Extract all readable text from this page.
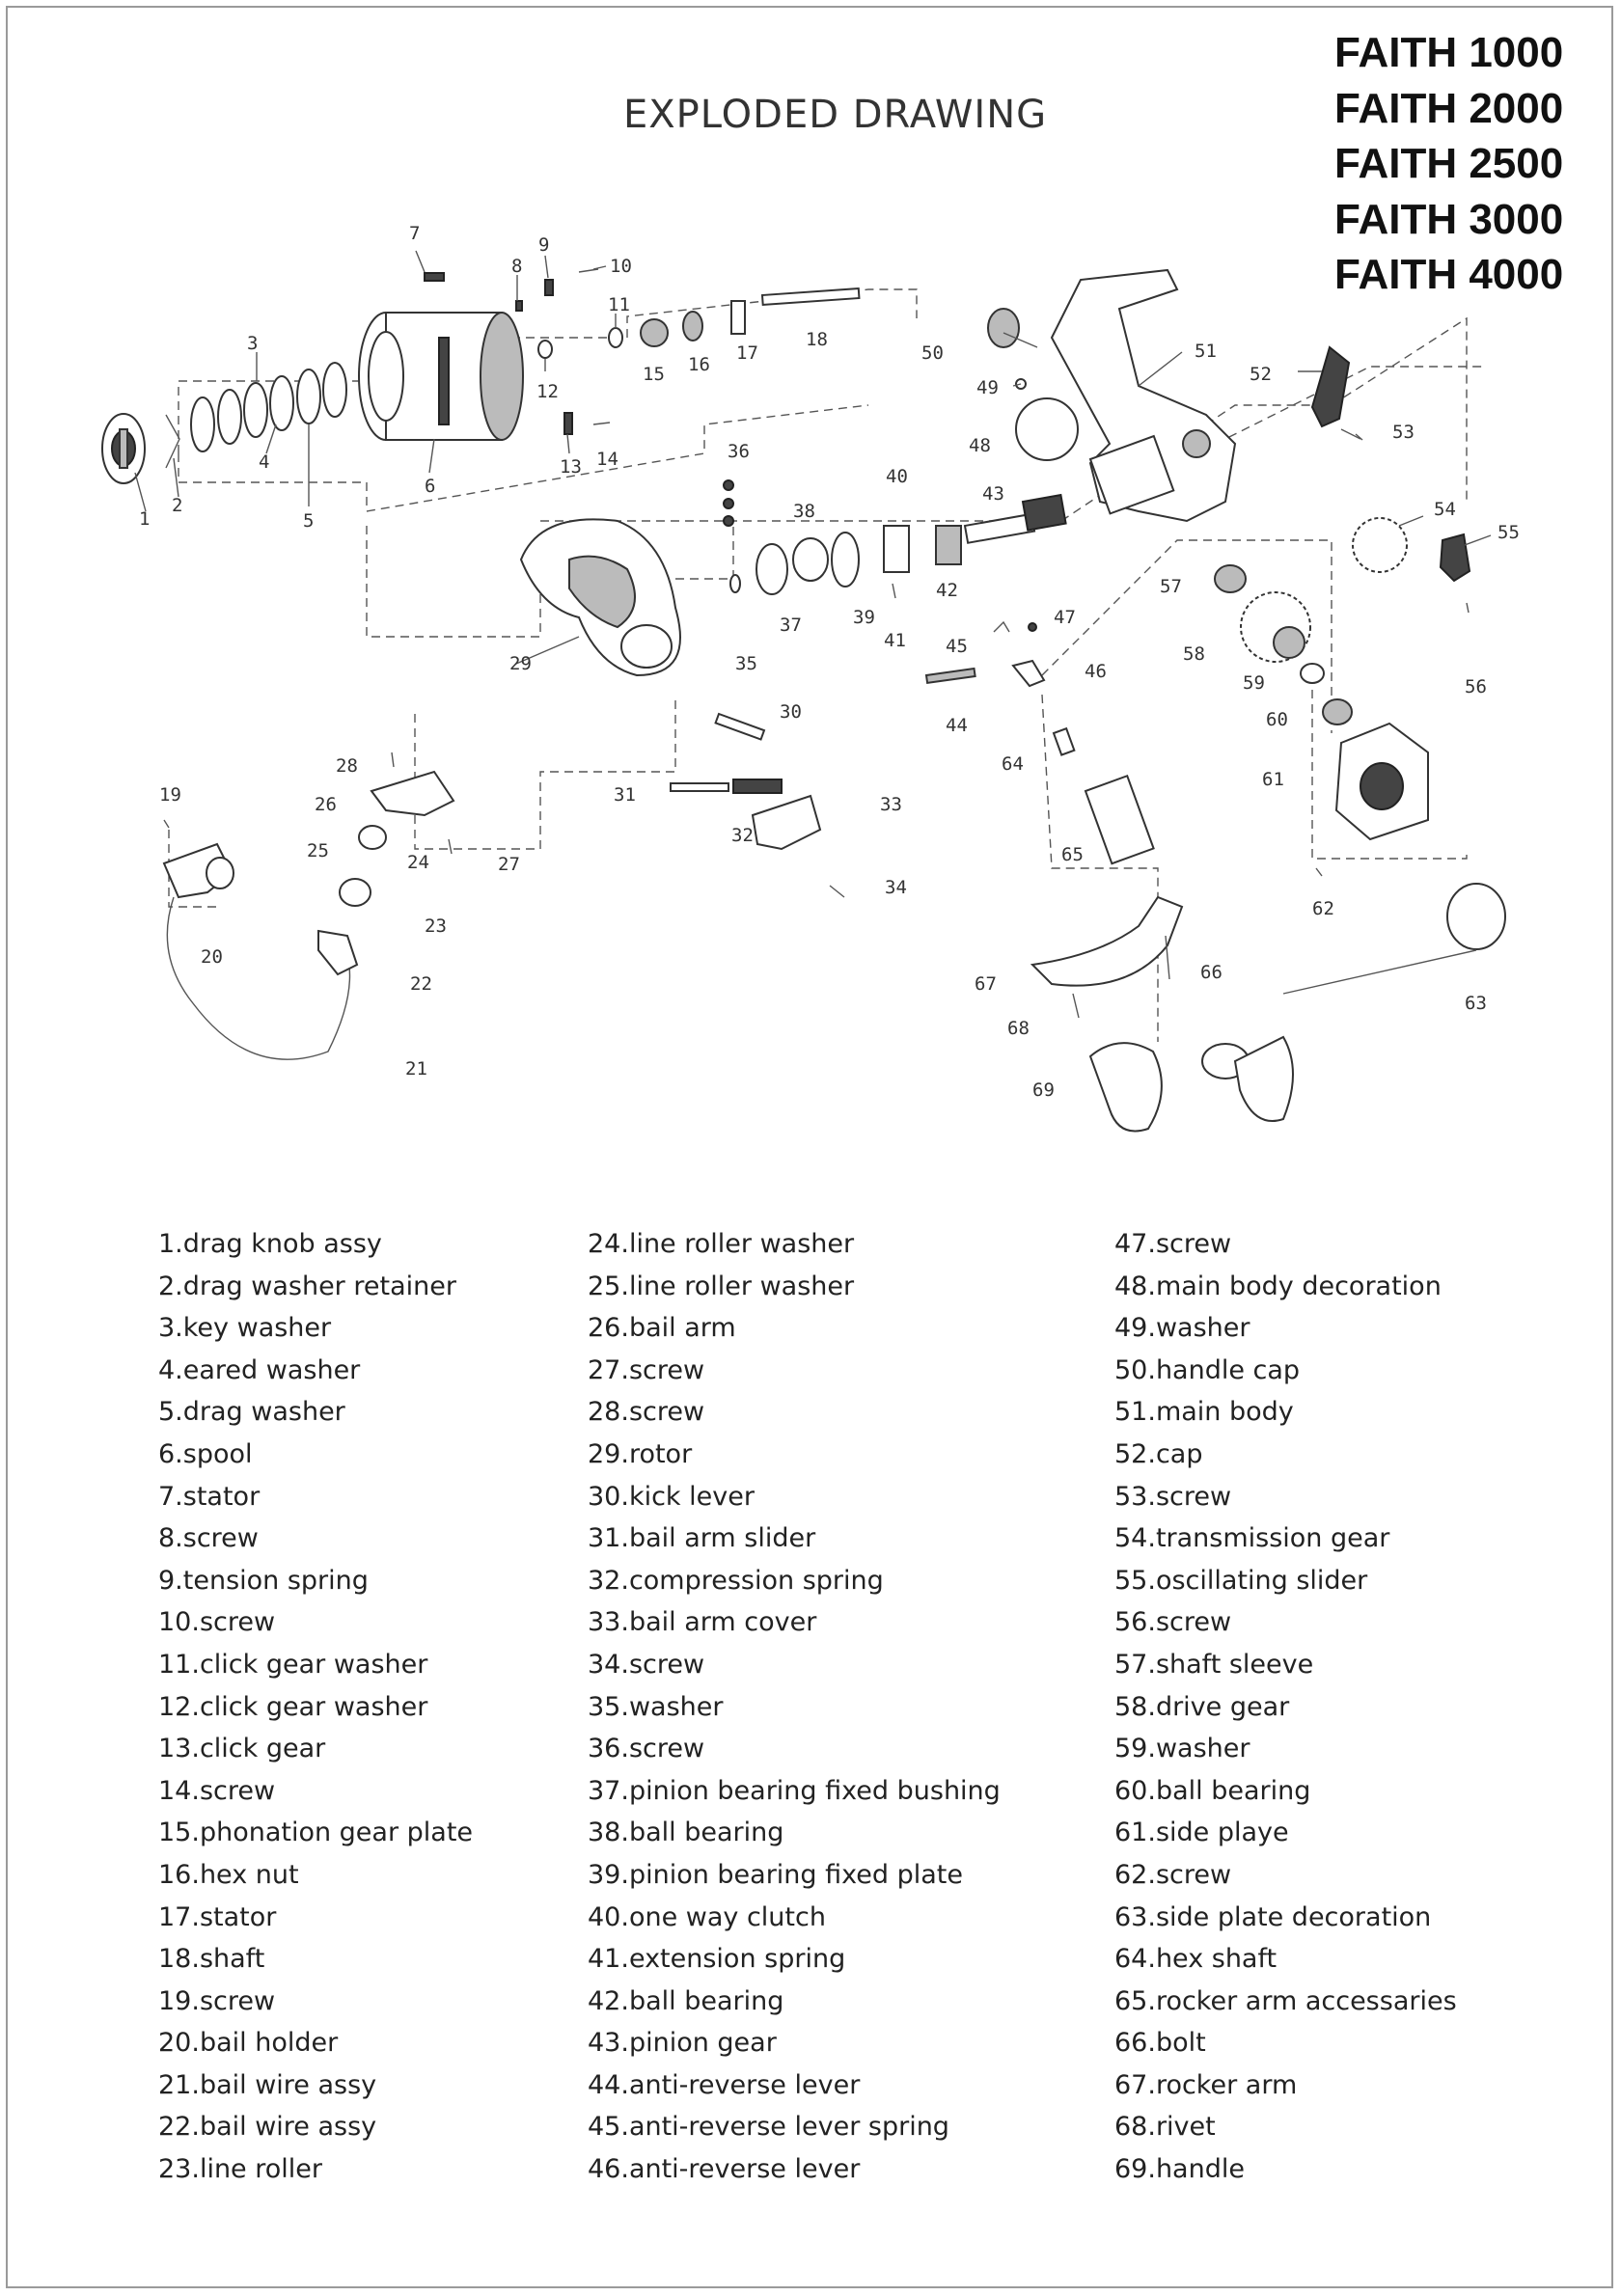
EXPLODED DRAWING
FAITH 1000
FAITH 2000
FAITH 2500
FAITH 3000
FAITH 4000
1
2
3
4
5
6
7
8
9
10
11
12
13 14
15 16
17
18
19
20
21
22
23
24
25
26
27
28
29
30
31
32
33
34
35
36
37
38
39
40
41
42
43
44
45
46
47
48
49
50	51
52
53
54
55
56
57
58
59
60
61
62
63
64
65
66
67
68
69
1.drag knob assy
2.drag washer retainer
3.key washer
4.eared washer
5.drag washer
6.spool
7.stator
8.screw
9.tension spring
10.screw
11.click gear washer
12.click gear washer
13.click gear
14.screw
15.phonation gear plate
16.hex nut
17.stator
18.shaft
19.screw
20.bail holder
21.bail wire assy
22.bail wire assy
23.line roller
24.line roller washer
25.line roller washer
26.bail arm
27.screw
28.screw
29.rotor
30.kick lever
31.bail arm slider
32.compression spring
33.bail arm cover
34.screw
35.washer
36.screw
37.pinion bearing fixed bushing
38.ball bearing
39.pinion bearing fixed plate
40.one way clutch
41.extension spring
42.ball bearing
43.pinion gear
44.anti-reverse lever
45.anti-reverse lever spring
46.anti-reverse lever
47.screw
48.main body decoration
49.washer
50.handle cap
51.main body
52.cap
53.screw
54.transmission gear
55.oscillating slider
56.screw
57.shaft sleeve
58.drive gear
59.washer
60.ball bearing
61.side playe
62.screw
63.side plate decoration
64.hex shaft
65.rocker arm accessaries
66.bolt
67.rocker arm
68.rivet
69.handle
